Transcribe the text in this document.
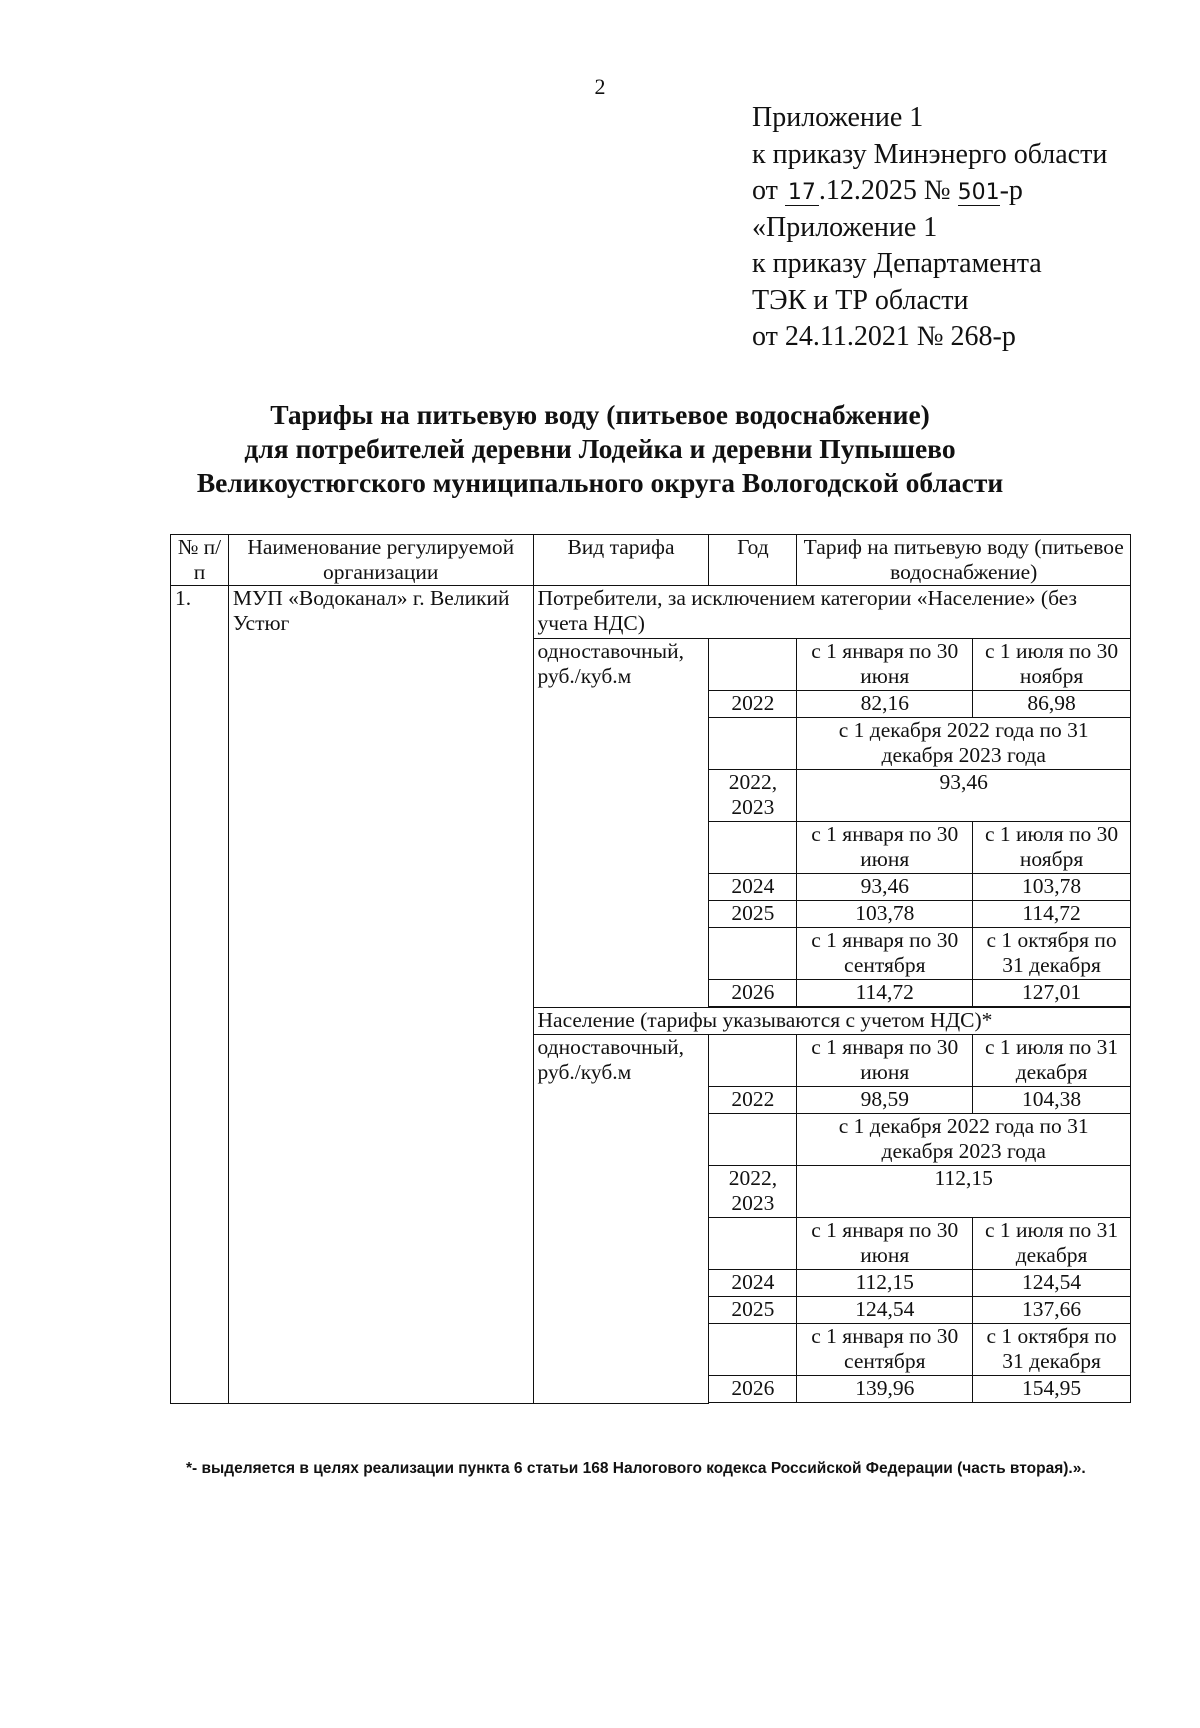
2
Приложение 1
к приказу Минэнерго области
от 17 .12.2025 № 501-р
«Приложение 1
к приказу Департамента
ТЭК и ТР области
от 24.11.2021 № 268-р
Тарифы на питьевую воду (питьевое водоснабжение)
для потребителей деревни Лодейка и деревни Пупышево
Великоустюгского муниципального округа Вологодской области
№ п/п	Наименование регулируемой организации	Вид тарифа	Год	Тариф на питьевую воду (питьевое водоснабжение)	
1.	МУП «Водоканал» г. Великий Устюг	Потребители, за исключением категории «Население» (без учета НДС)			
		одноставочный, руб./куб.м		с 1 января по 30 июня	с 1 июля по 30 ноября
			2022	82,16	86,98
				с 1 декабря 2022 года по 31 декабря 2023 года	
			2022, 2023	93,46	
				с 1 января по 30 июня	с 1 июля по 30 ноября
			2024	93,46	103,78
			2025	103,78	114,72
				с 1 января по 30 сентября	с 1 октября по 31 декабря
			2026	114,72	127,01

		Население (тарифы указываются с учетом НДС)*			
		одноставочный, руб./куб.м		с 1 января по 30 июня	с 1 июля по 31 декабря
			2022	98,59	104,38
				с 1 декабря 2022 года по 31 декабря 2023 года	
			2022, 2023	112,15	
				с 1 января по 30 июня	с 1 июля по 31 декабря
			2024	112,15	124,54
			2025	124,54	137,66
				с 1 января по 30 сентября	с 1 октября по 31 декабря
			2026	139,96	154,95

*- выделяется в целях реализации пункта 6 статьи 168 Налогового кодекса Российской Федерации (часть вторая).».
